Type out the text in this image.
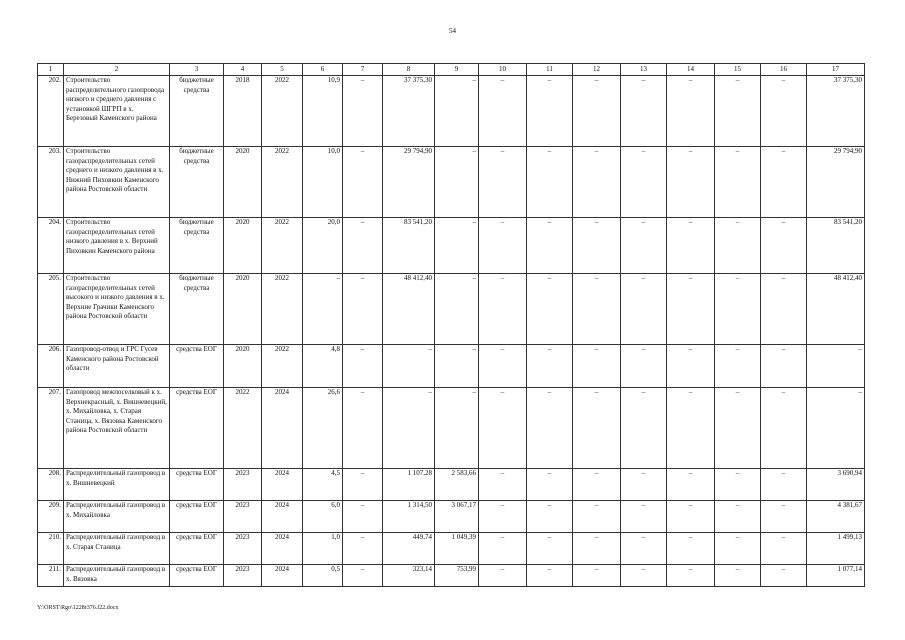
54
1	2	3	4	5	6	7	8	9	10	11	12	13	14	15	16	17
202.	Строительство распределительного газопровода низкого и среднего давления с установкой ШГРП в х. Березовый Каменского района	бюджетные средства	2018	2022	10,9	–	37 375,30	–	–	–	–	–	–	–	–	37 375,30
203.	Строительство газораспределительных сетей среднего и низкого давления в х. Нижний Пиховкин Каменского района Ростовской области	бюджетные средства	2020	2022	10,0	–	29 794,90	–	–	–	–	–	–	–	–	29 794,90
204.	Строительство газораспределительных сетей низкого давления в х. Верхний Пиховкин Каменского района	бюджетные средства	2020	2022	20,0	–	83 541,20	–	–	–	–	–	–	–	–	83 541,20
205.	Строительство газораспределительных сетей высокого и низкого давления в х. Верхние Грачики Каменского района Ростовской области	бюджетные средства	2020	2022	–	–	48 412,40	–	–	–	–	–	–	–	–	48 412,40
206.	Газопровод-отвод и ГРС Гусев Каменского района Ростовской области	средства ЕОГ	2020	2022	4,8	–	–	–	–	–	–	–	–	–	–	–
207.	Газопровод межпоселковый к х. Верхнекрасный, х. Вишневецкий, х. Михайловка, х. Старая Станица, х. Вязовка Каменского района Ростовской области	средства ЕОГ	2022	2024	26,6	–	–	–	–	–	–	–	–	–	–	–
208.	Распределительный газопровод в х. Вишневецкий	средства ЕОГ	2023	2024	4,5	–	1 107,28	2 583,66	–	–	–	–	–	–	–	3 690,94
209.	Распределительный газопровод в х. Михайловка	средства ЕОГ	2023	2024	6,0	–	1 314,50	3 067,17	–	–	–	–	–	–	–	4 381,67
210.	Распределительный газопровод в х. Старая Станица	средства ЕОГ	2023	2024	1,0	–	449,74	1 049,39	–	–	–	–	–	–	–	1 499,13
211.	Распределительный газопровод в х. Вязовка	средства ЕОГ	2023	2024	0,5	–	323,14	753,99	–	–	–	–	–	–	–	1 077,14
Y:\ORST\Rgo\1228r376.f22.docx
